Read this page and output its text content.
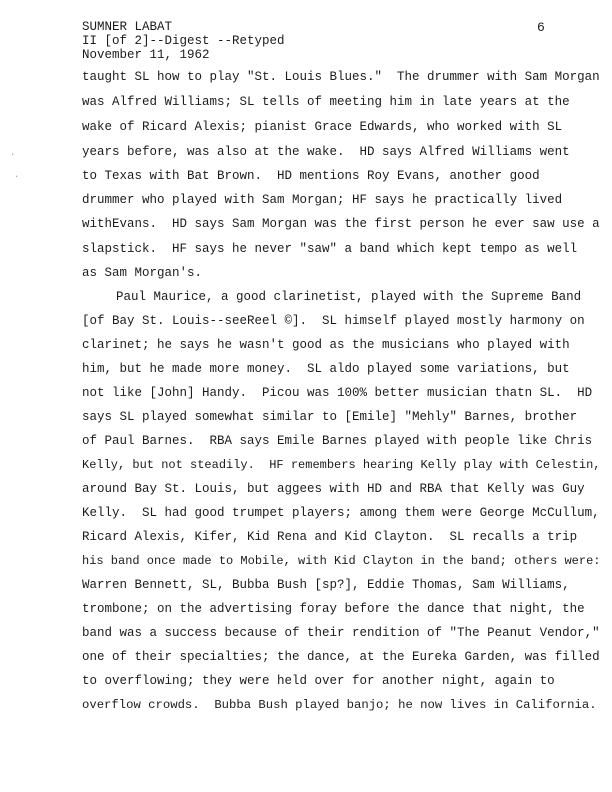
SUMNER LABAT
II [of 2]--Digest --Retyped
November 11, 1962
6
taught SL how to play "St. Louis Blues."  The drummer with Sam Morgan
was Alfred Williams; SL tells of meeting him in late years at the
wake of Ricard Alexis; pianist Grace Edwards, who worked with SL
years before, was also at the wake.  HD says Alfred Williams went
to Texas with Bat Brown.  HD mentions Roy Evans, another good
drummer who played with Sam Morgan; HF says he practically lived
withEvans.  HD says Sam Morgan was the first person he ever saw use a
slapstick.  HF says he never "saw" a band which kept tempo as well
as Sam Morgan's.
Paul Maurice, a good clarinetist, played with the Supreme Band
[of Bay St. Louis--seeReel ©].  SL himself played mostly harmony on
clarinet; he says he wasn't good as the musicians who played with
him, but he made more money.  SL aldo played some variations, but
not like [John] Handy.  Picou was 100% better musician thatn SL.  HD
says SL played somewhat similar to [Emile] "Mehly" Barnes, brother
of Paul Barnes.  RBA says Emile Barnes played with people like Chris
Kelly, but not steadily.  HF remembers hearing Kelly play with Celestin,
around Bay St. Louis, but aggees with HD and RBA that Kelly was Guy
Kelly.  SL had good trumpet players; among them were George McCullum,
Ricard Alexis, Kifer, Kid Rena and Kid Clayton.  SL recalls a trip
his band once made to Mobile, with Kid Clayton in the band; others were:
Warren Bennett, SL, Bubba Bush [sp?], Eddie Thomas, Sam Williams,
trombone; on the advertising foray before the dance that night, the
band was a success because of their rendition of "The Peanut Vendor,"
one of their specialties; the dance, at the Eureka Garden, was filled
to overflowing; they were held over for another night, again to
overflow crowds.  Bubba Bush played banjo; he now lives in California.
·
·
